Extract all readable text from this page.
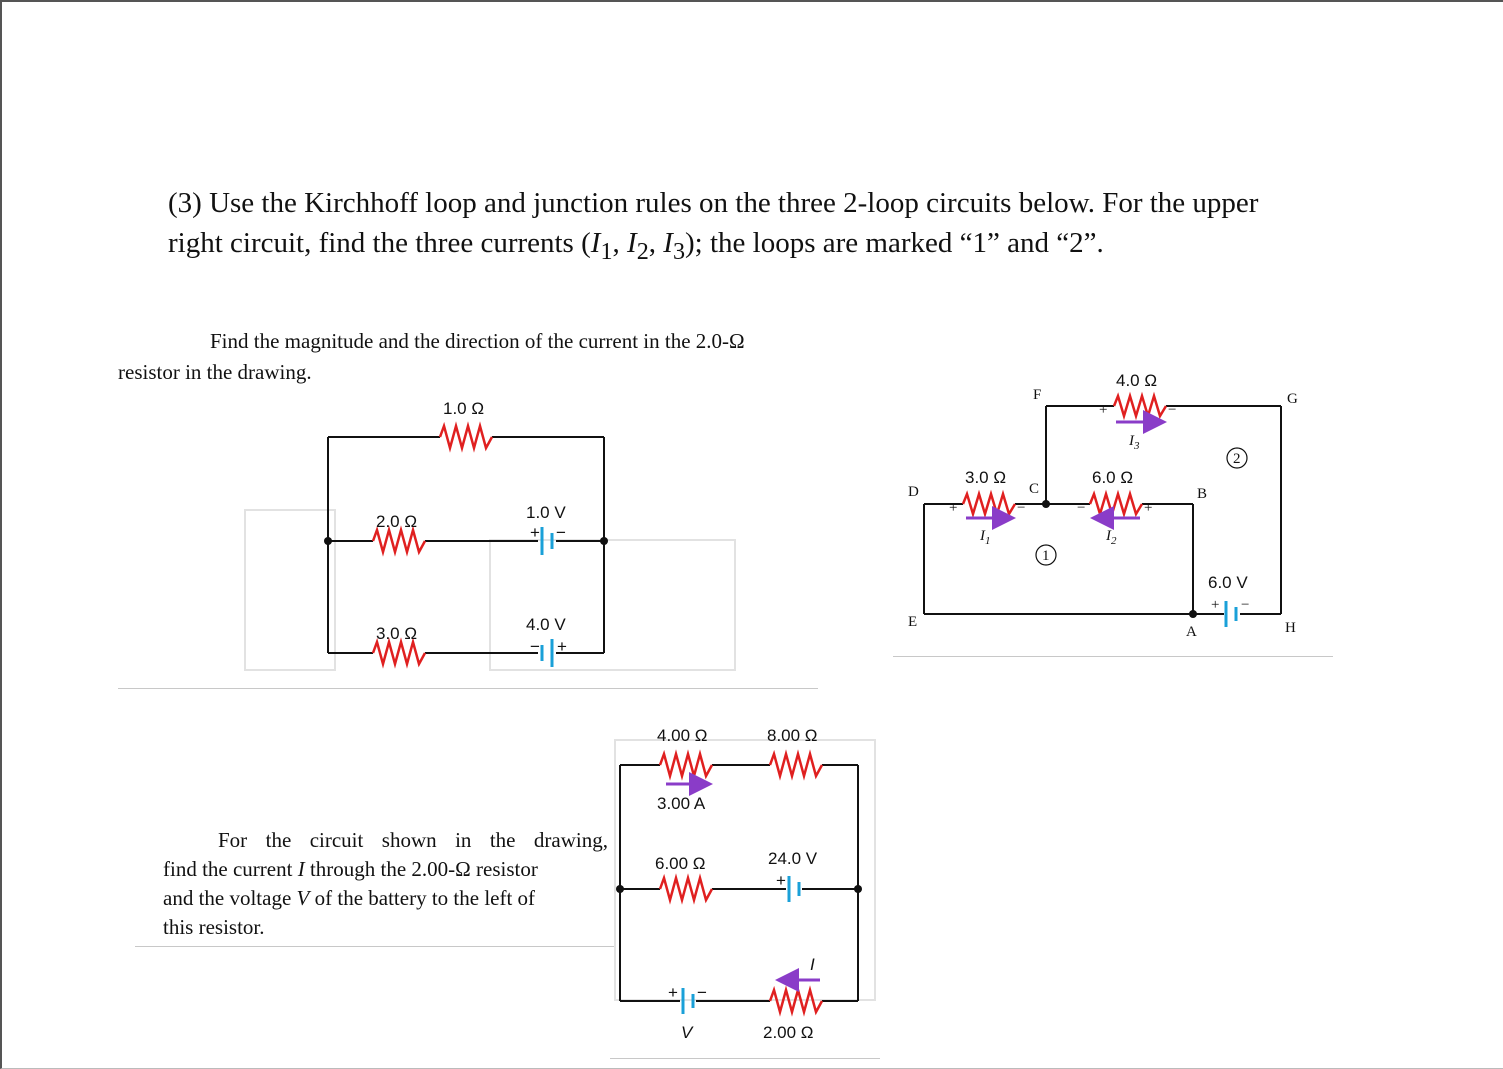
(3) Use the Kirchhoff loop and junction rules on the three 2-loop circuits below. For the upper
right circuit, find the three currents ($I_1$, $I_2$, $I_3$); the loops are marked “1” and “2”.
Find the magnitude and the direction of the current in the 2.0-Ω
resistor in the drawing.
For the circuit shown in the drawing,
find the current I through the 2.00-Ω resistor
and the voltage V of the battery to the left of
this resistor.
1.0 Ω
2.0 Ω
3.0 Ω
1.0 V
4.0 V
+ −
− +
4.00 Ω	8.00 Ω
3.00 A
6.00 Ω	24.0 V
+
I
+ −
V	2.00 Ω
1
2
4.0 Ω
3.0 Ω	6.0 Ω
6.0 V
+	−
+	−	−	+
+ −
D
E
F
C	B
A
G
H
$I_3$
$I_1$	$I_2$
